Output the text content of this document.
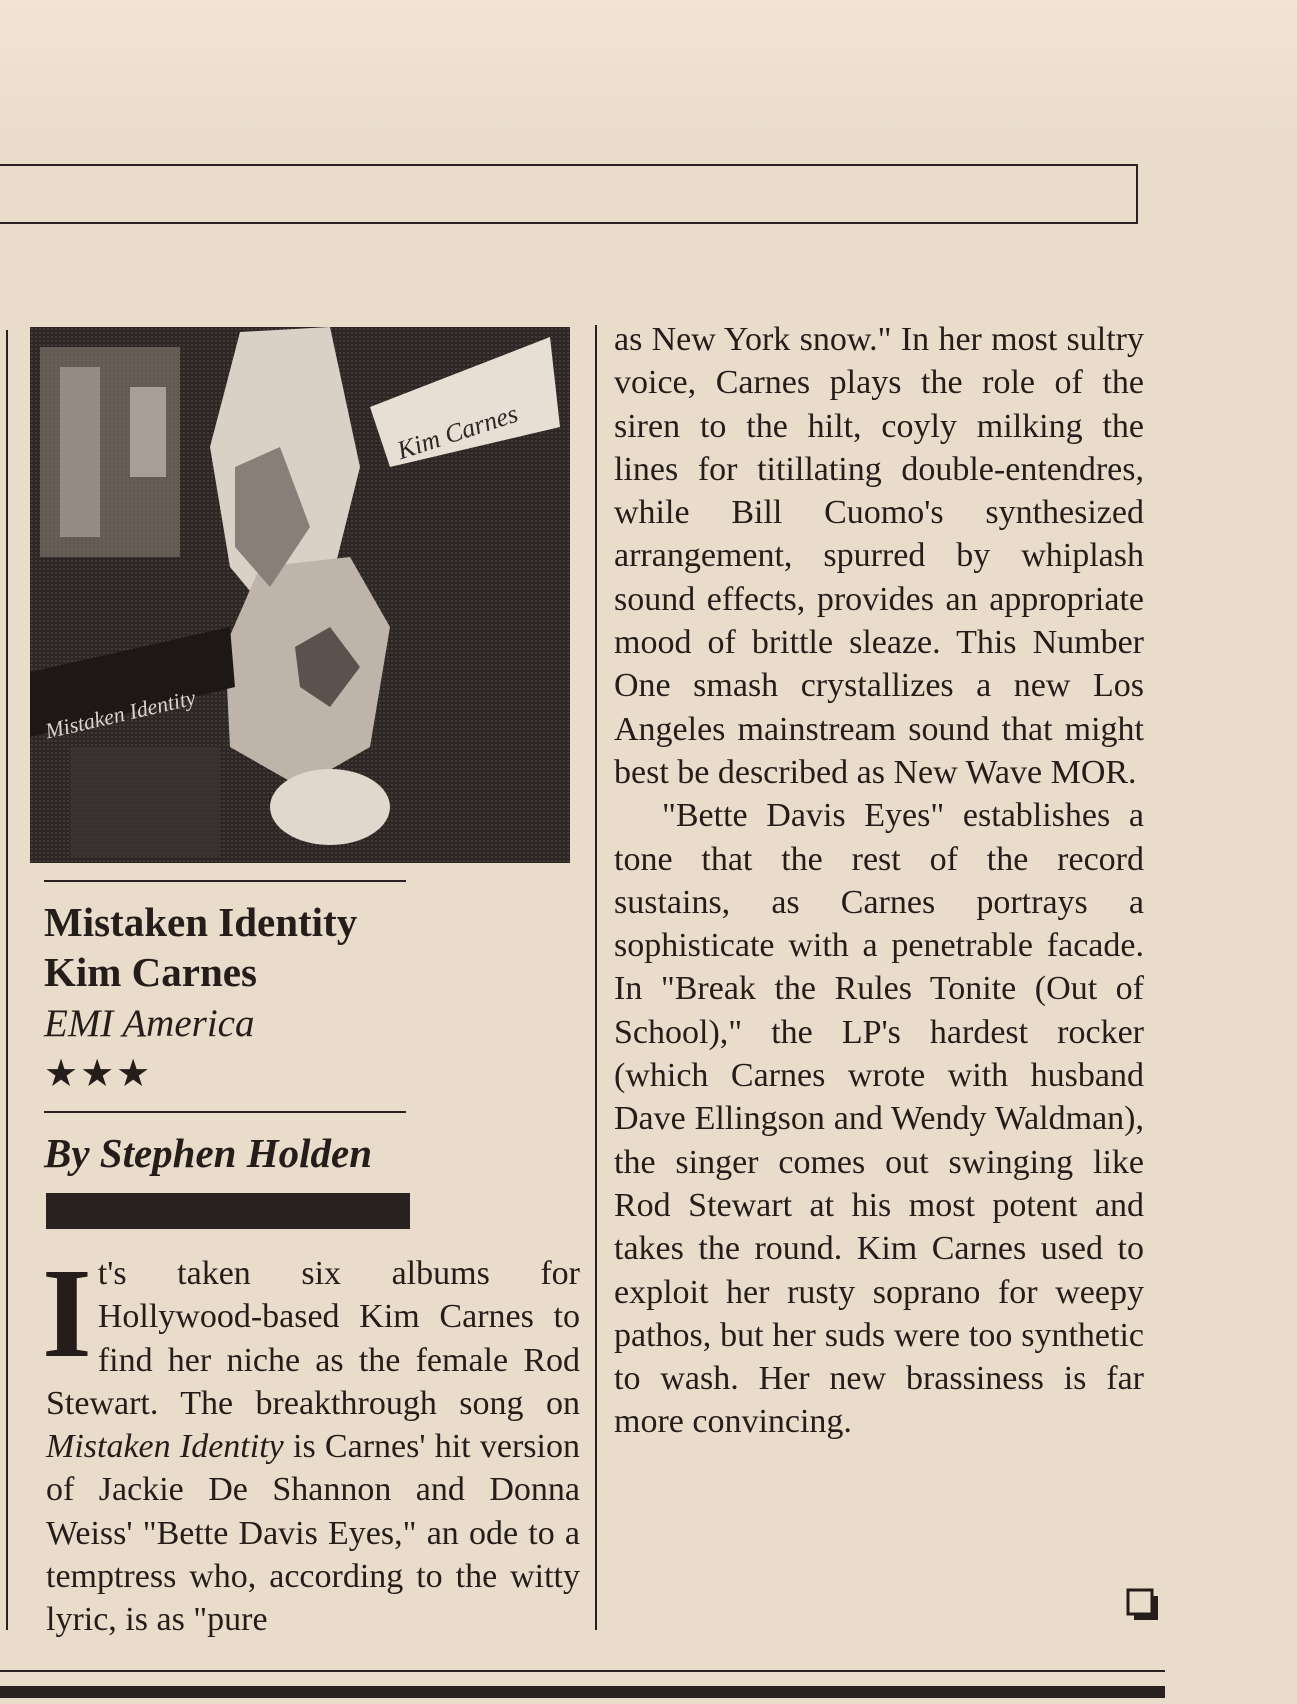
Kim Carnes
Mistaken Identity
Mistaken Identity
Kim Carnes
EMI America
★★★
By Stephen Holden
It's taken six albums for Hollywood-based Kim Carnes to find her niche as the female Rod Stewart. The breakthrough song on Mistaken Identity is Carnes' hit version of Jackie De Shannon and Donna Weiss' "Bette Davis Eyes," an ode to a temptress who, according to the witty lyric, is as "pure

as New York snow." In her most sultry voice, Carnes plays the role of the siren to the hilt, coyly milking the lines for titillating double-entendres, while Bill Cuomo's synthesized arrangement, spurred by whiplash sound effects, provides an appropriate mood of brittle sleaze. This Number One smash crystallizes a new Los Angeles mainstream sound that might best be described as New Wave MOR.

"Bette Davis Eyes" establishes a tone that the rest of the record sustains, as Carnes portrays a sophisticate with a penetrable facade. In "Break the Rules Tonite (Out of School)," the LP's hardest rocker (which Carnes wrote with husband Dave Ellingson and Wendy Waldman), the singer comes out swinging like Rod Stewart at his most potent and takes the round. Kim Carnes used to exploit her rusty soprano for weepy pathos, but her suds were too synthetic to wash. Her new brassiness is far more convincing.
